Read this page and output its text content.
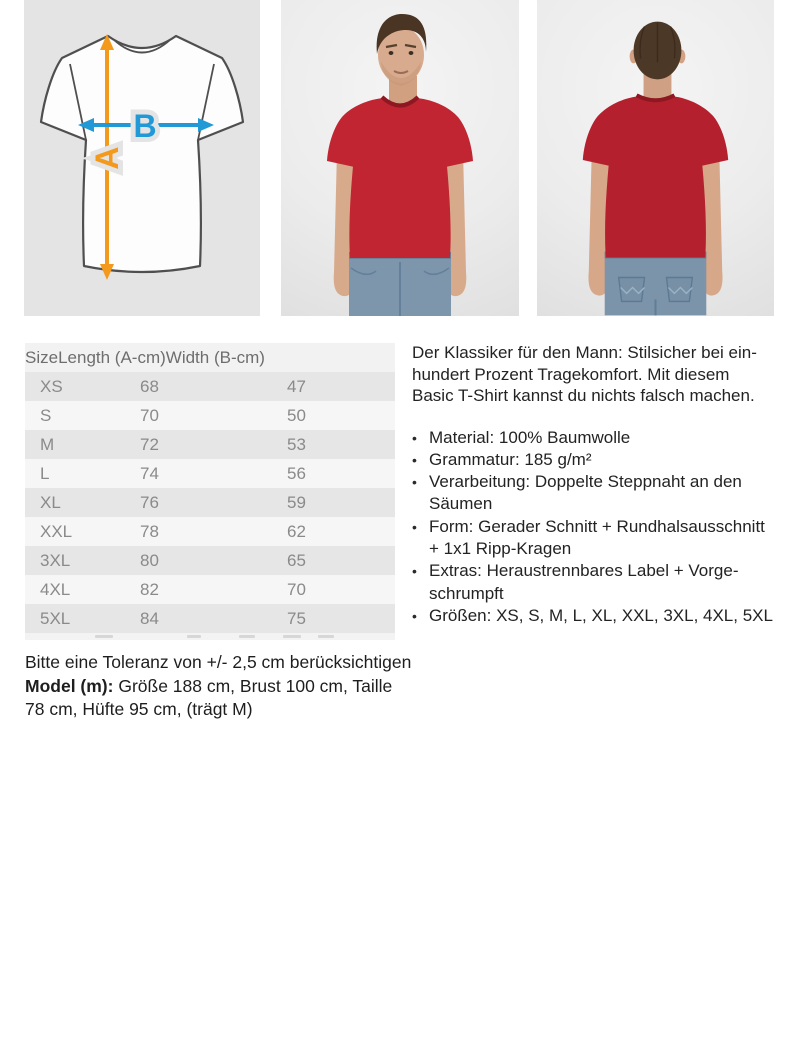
A
B
Size Length (A-cm) Width (B-cm)
XS	68	47
S	70	50
M	72	53
L	74	56
XL	76	59
XXL	78	62
3XL	80	65
4XL	82	70
5XL	84	75
Der Klassiker für den Mann: Stilsicher bei ein-
hundert Prozent Tragekomfort. Mit diesem
Basic T-Shirt kannst du nichts falsch machen.
• Material: 100% Baumwolle
• Grammatur: 185 g/m²
• Verarbeitung: Doppelte Steppnaht an den
Säumen
• Form: Gerader Schnitt + Rundhalsausschnitt
+ 1x1 Ripp-Kragen
• Extras: Heraustrennbares Label + Vorge-
schrumpft
• Größen: XS, S, M, L, XL, XXL, 3XL, 4XL, 5XL
Bitte eine Toleranz von +/- 2,5 cm berücksichtigen
Model (m): Größe 188 cm, Brust 100 cm, Taille
78 cm, Hüfte 95 cm, (trägt M)
